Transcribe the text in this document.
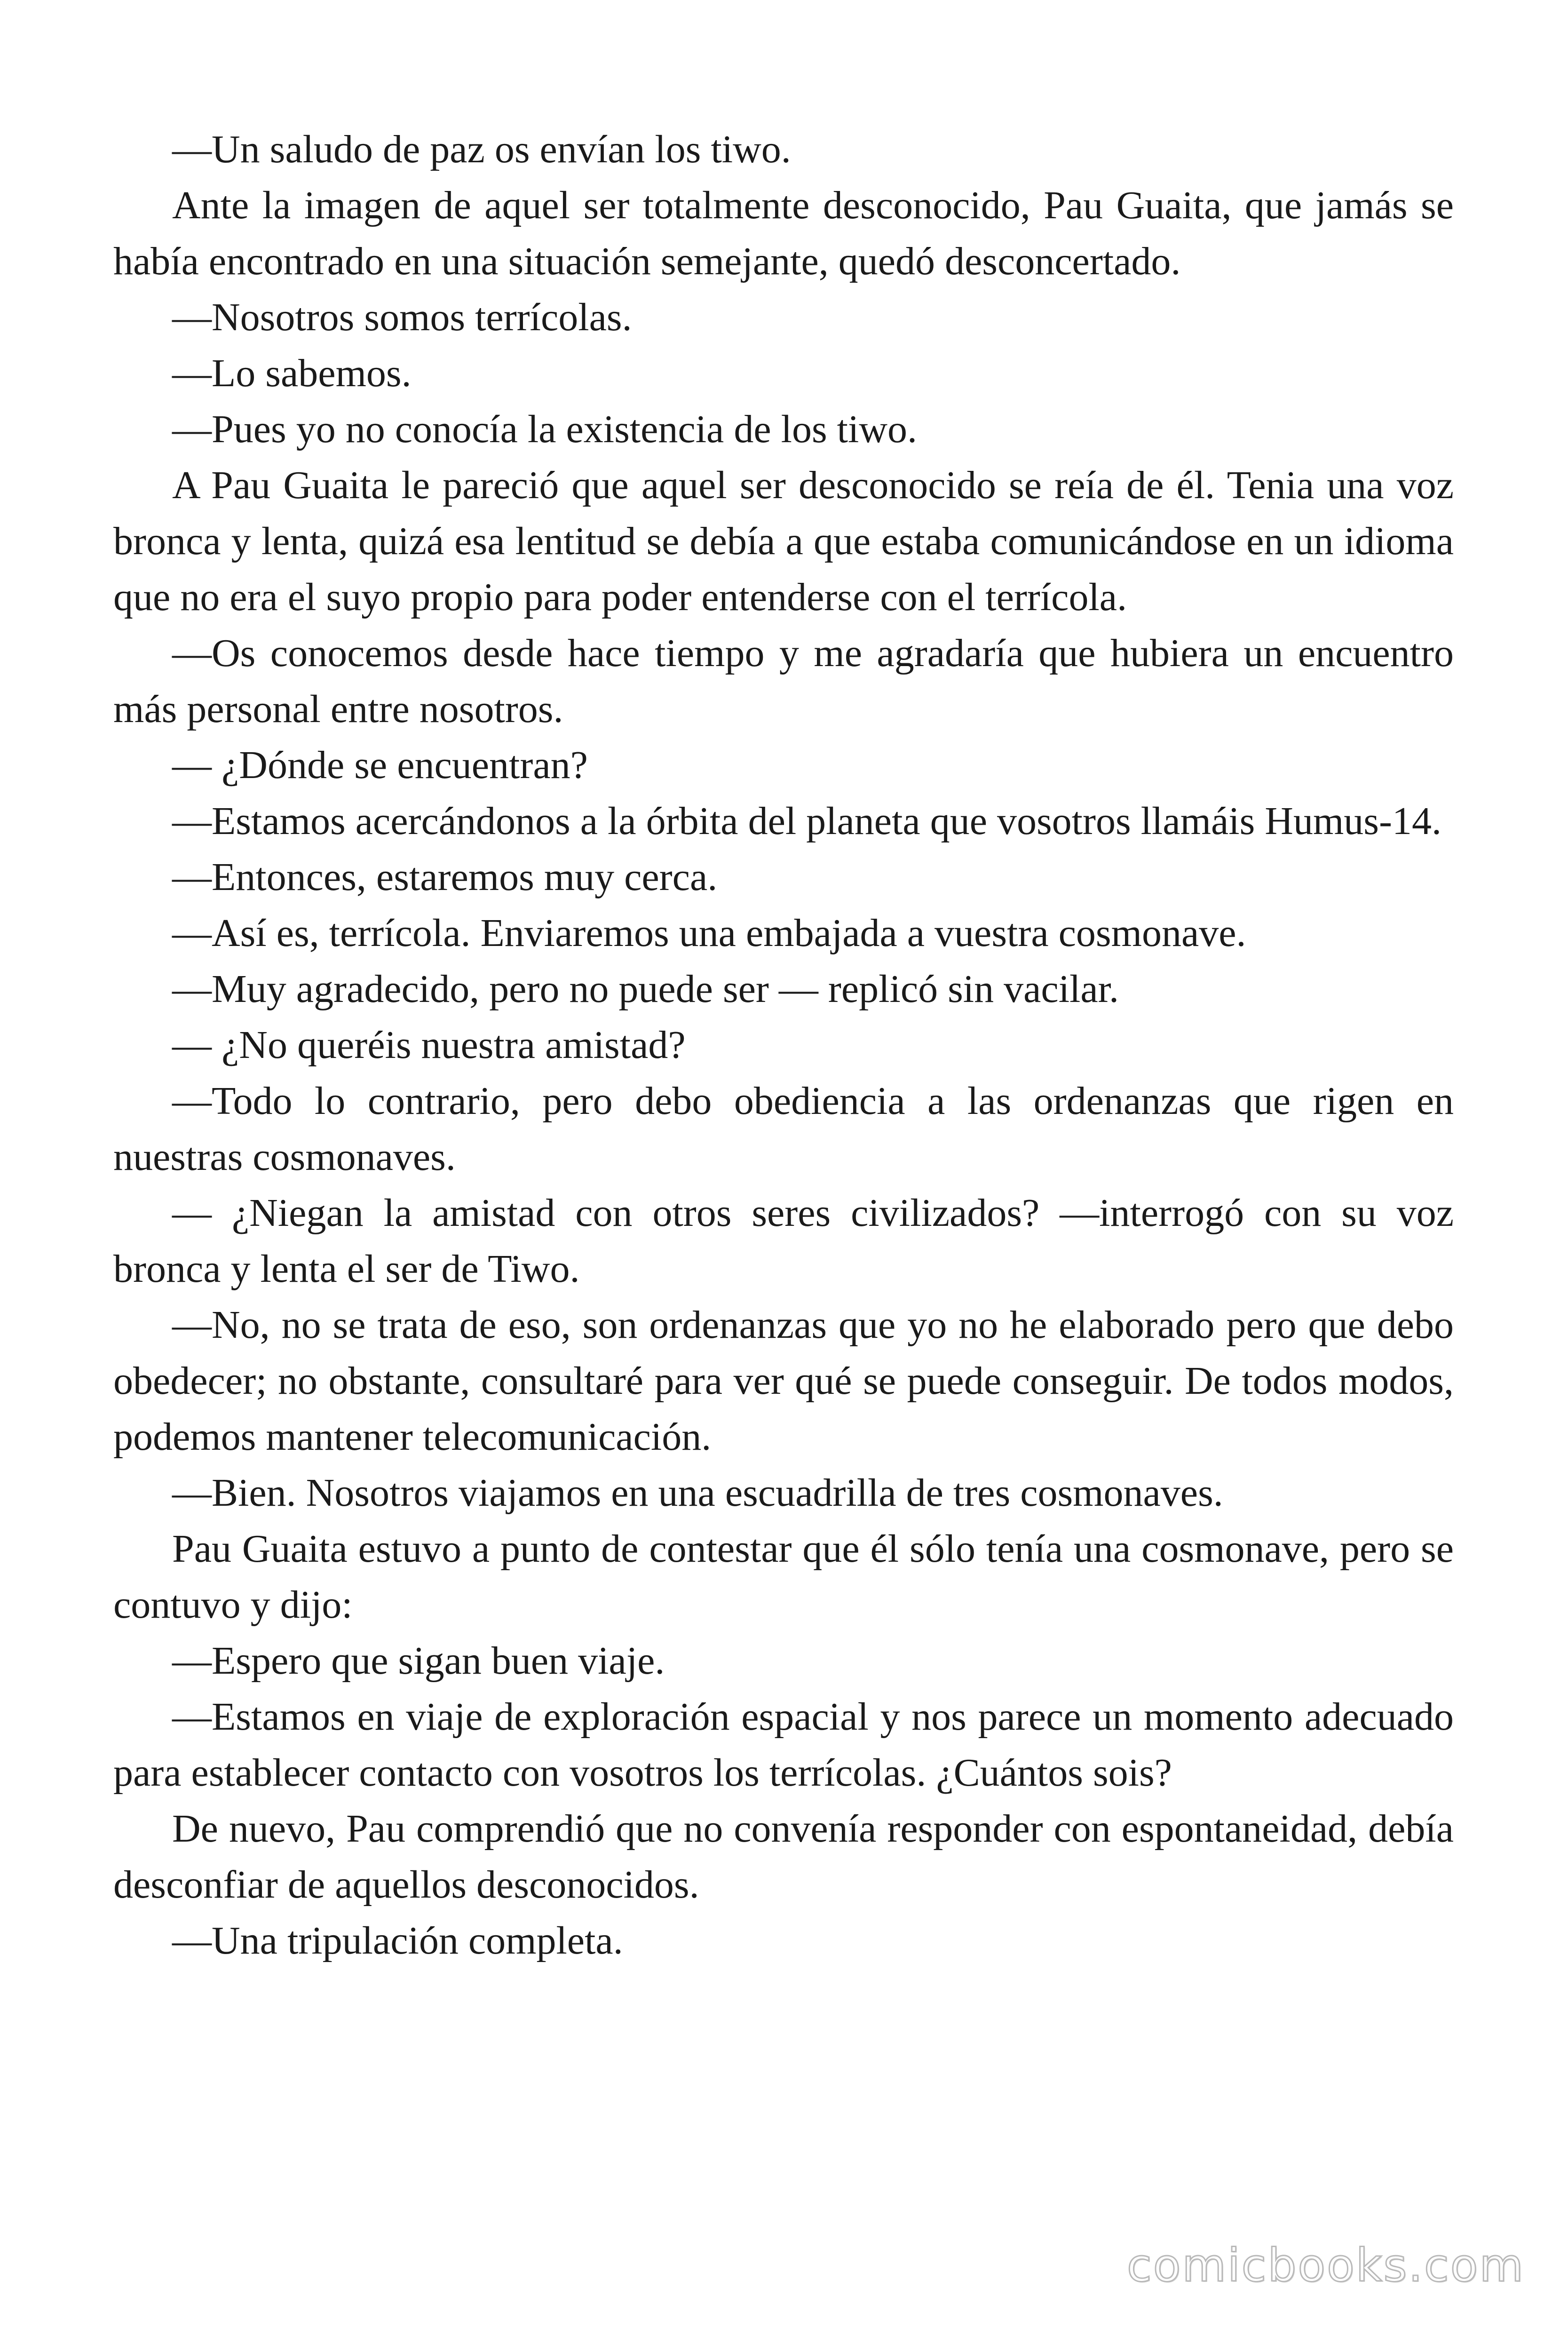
—Un saludo de paz os envían los tiwo.

Ante la imagen de aquel ser totalmente desconocido, Pau Guaita, que jamás se había encontrado en una situación semejante, quedó desconcertado.

—Nosotros somos terrícolas.

—Lo sabemos.

—Pues yo no conocía la existencia de los tiwo.

A Pau Guaita le pareció que aquel ser desconocido se reía de él. Tenia una voz bronca y lenta, quizá esa lentitud se debía a que estaba comunicándose en un idioma que no era el suyo propio para poder entenderse con el terrícola.

—Os conocemos desde hace tiempo y me agradaría que hubiera un encuentro más personal entre nosotros.

— ¿Dónde se encuentran?

—Estamos acercándonos a la órbita del planeta que vosotros llamáis Humus-14.

—Entonces, estaremos muy cerca.

—Así es, terrícola. Enviaremos una embajada a vuestra cosmonave.

—Muy agradecido, pero no puede ser — replicó sin vacilar.

— ¿No queréis nuestra amistad?

—Todo lo contrario, pero debo obediencia a las ordenanzas que rigen en nuestras cosmonaves.

— ¿Niegan la amistad con otros seres civilizados? —interrogó con su voz bronca y lenta el ser de Tiwo.

—No, no se trata de eso, son ordenanzas que yo no he elaborado pero que debo obedecer; no obstante, consultaré para ver qué se puede conseguir. De todos modos, podemos mantener telecomunicación.

—Bien. Nosotros viajamos en una escuadrilla de tres cosmonaves.

Pau Guaita estuvo a punto de contestar que él sólo tenía una cosmonave, pero se contuvo y dijo:

—Espero que sigan buen viaje.

—Estamos en viaje de exploración espacial y nos parece un momento adecuado para establecer contacto con vosotros los terrícolas. ¿Cuántos sois?

De nuevo, Pau comprendió que no convenía responder con espontaneidad, debía desconfiar de aquellos desconocidos.

—Una tripulación completa.

comicbooks.com
